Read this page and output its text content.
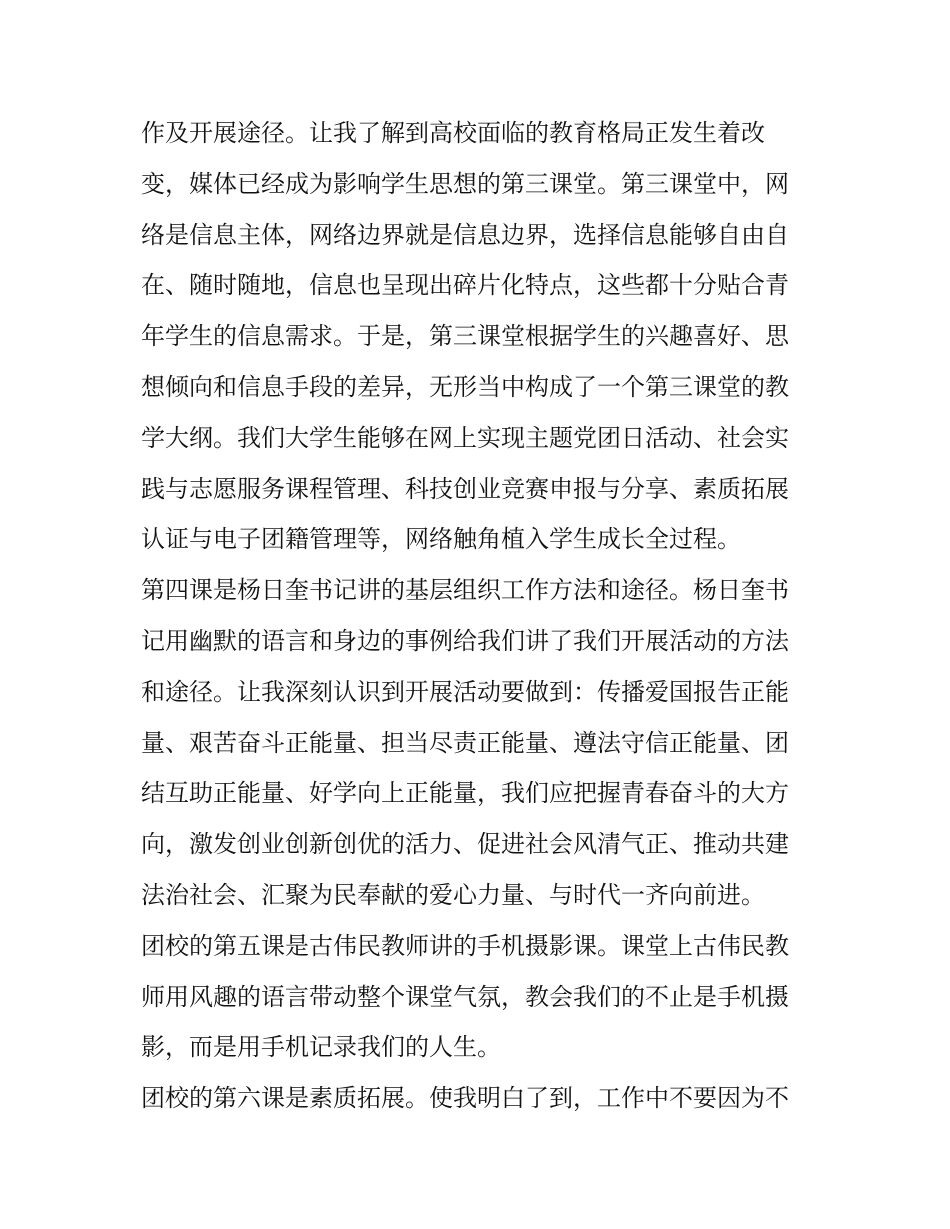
作及开展途径。让我了解到高校面临的教育格局正发生着改
变，媒体已经成为影响学生思想的第三课堂。第三课堂中，网
络是信息主体，网络边界就是信息边界，选择信息能够自由自
在、随时随地，信息也呈现出碎片化特点，这些都十分贴合青
年学生的信息需求。于是，第三课堂根据学生的兴趣喜好、思
想倾向和信息手段的差异，无形当中构成了一个第三课堂的教
学大纲。我们大学生能够在网上实现主题党团日活动、社会实
践与志愿服务课程管理、科技创业竞赛申报与分享、素质拓展
认证与电子团籍管理等，网络触角植入学生成长全过程。
第四课是杨日奎书记讲的基层组织工作方法和途径。杨日奎书
记用幽默的语言和身边的事例给我们讲了我们开展活动的方法
和途径。让我深刻认识到开展活动要做到：传播爱国报告正能
量、艰苦奋斗正能量、担当尽责正能量、遵法守信正能量、团
结互助正能量、好学向上正能量，我们应把握青春奋斗的大方
向，激发创业创新创优的活力、促进社会风清气正、推动共建
法治社会、汇聚为民奉献的爱心力量、与时代一齐向前进。
团校的第五课是古伟民教师讲的手机摄影课。课堂上古伟民教
师用风趣的语言带动整个课堂气氛，教会我们的不止是手机摄
影，而是用手机记录我们的人生。
团校的第六课是素质拓展。使我明白了到，工作中不要因为不
